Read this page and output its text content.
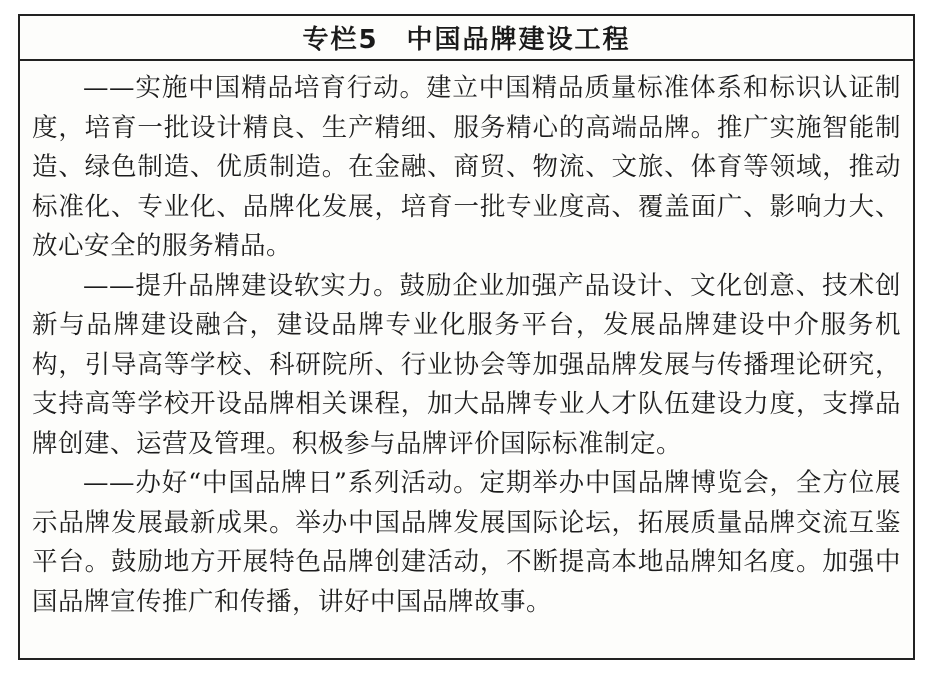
专栏5　中国品牌建设工程

——实施中国精品培育行动。建立中国精品质量标准体系和标识认证制度，培育一批设计精良、生产精细、服务精心的高端品牌。推广实施智能制造、绿色制造、优质制造。在金融、商贸、物流、文旅、体育等领域，推动标准化、专业化、品牌化发展，培育一批专业度高、覆盖面广、影响力大、放心安全的服务精品。

——提升品牌建设软实力。鼓励企业加强产品设计、文化创意、技术创新与品牌建设融合，建设品牌专业化服务平台，发展品牌建设中介服务机构，引导高等学校、科研院所、行业协会等加强品牌发展与传播理论研究，支持高等学校开设品牌相关课程，加大品牌专业人才队伍建设力度，支撑品牌创建、运营及管理。积极参与品牌评价国际标准制定。

——办好“中国品牌日”系列活动。定期举办中国品牌博览会，全方位展示品牌发展最新成果。举办中国品牌发展国际论坛，拓展质量品牌交流互鉴平台。鼓励地方开展特色品牌创建活动，不断提高本地品牌知名度。加强中国品牌宣传推广和传播，讲好中国品牌故事。
